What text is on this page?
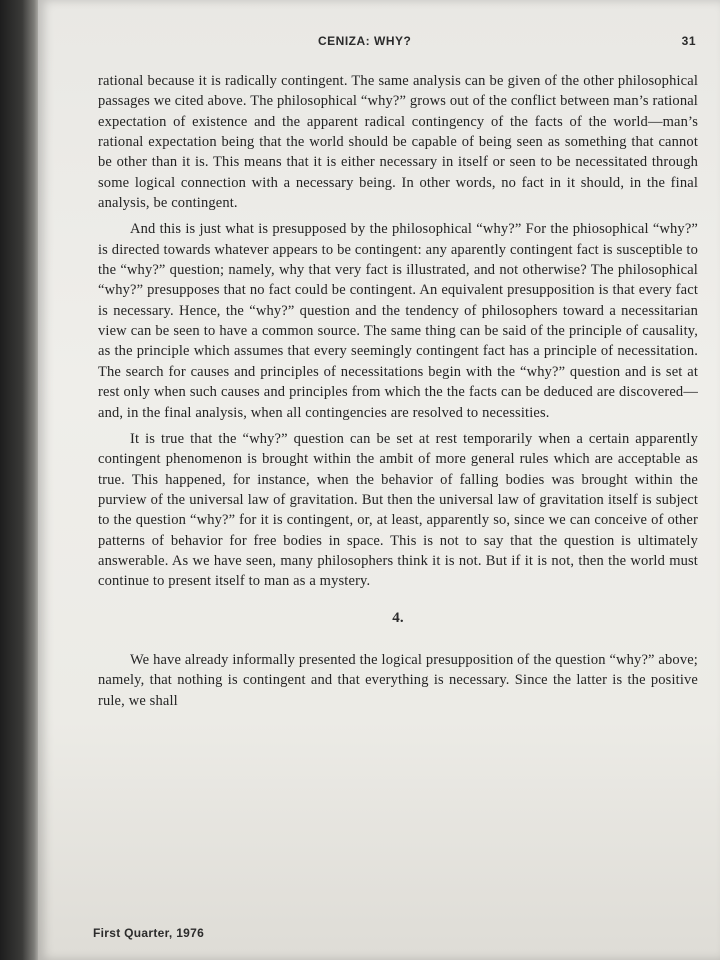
CENIZA: WHY?	31

rational because it is radically contingent. The same analysis can be given of the other philosophical passages we cited above. The philosophical “why?” grows out of the conflict between man’s rational expectation of existence and the apparent radical contingency of the facts of the world—man’s rational expectation being that the world should be capable of being seen as something that cannot be other than it is. This means that it is either necessary in itself or seen to be necessitated through some logical connection with a necessary being. In other words, no fact in it should, in the final analysis, be contingent.

And this is just what is presupposed by the philosophical “why?” For the phiosophical “why?” is directed towards whatever appears to be contingent: any aparently contingent fact is susceptible to the “why?” question; namely, why that very fact is illustrated, and not otherwise? The philosophical “why?” presupposes that no fact could be contingent. An equivalent presupposition is that every fact is necessary. Hence, the “why?” question and the tendency of philosophers toward a necessitarian view can be seen to have a common source. The same thing can be said of the principle of causality, as the principle which assumes that every seemingly contingent fact has a principle of necessitation. The search for causes and principles of necessitations begin with the “why?” question and is set at rest only when such causes and principles from which the the facts can be deduced are discovered—and, in the final analysis, when all contingencies are resolved to necessities.

It is true that the “why?” question can be set at rest temporarily when a certain apparently contingent phenomenon is brought within the ambit of more general rules which are acceptable as true. This happened, for instance, when the behavior of falling bodies was brought within the purview of the universal law of gravitation. But then the universal law of gravitation itself is subject to the question “why?” for it is contingent, or, at least, apparently so, since we can conceive of other patterns of behavior for free bodies in space. This is not to say that the question is ultimately answerable. As we have seen, many philosophers think it is not. But if it is not, then the world must continue to present itself to man as a mystery.

4.

We have already informally presented the logical presupposition of the question “why?” above; namely, that nothing is contingent and that everything is necessary. Since the latter is the positive rule, we shall

First Quarter, 1976
